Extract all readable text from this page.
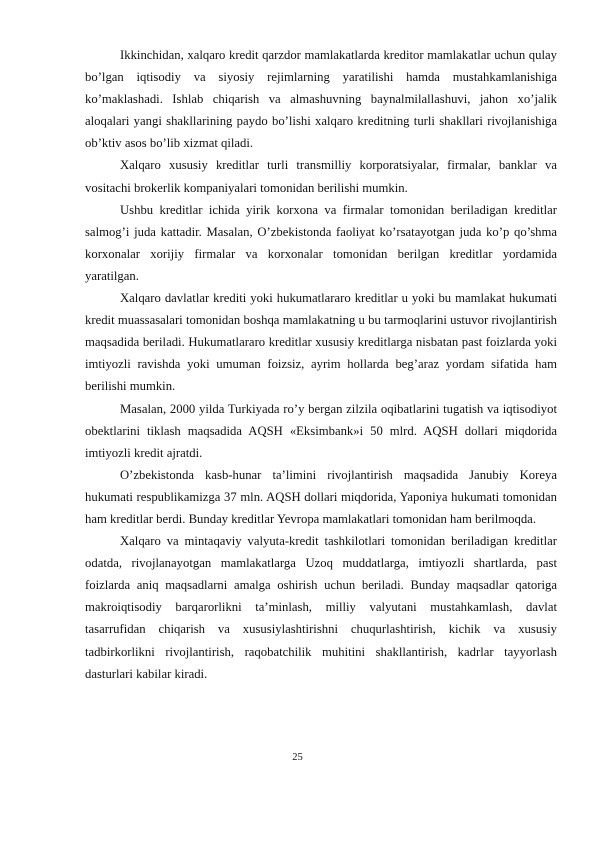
Ikkinchidan, xalqaro kredit qarzdor mamlakatlarda kreditor mamlakatlar uchun qulay bo’lgan iqtisodiy va siyosiy rejimlarning yaratilishi hamda mustahkamlanishiga ko’maklashadi. Ishlab chiqarish va almashuvning baynalmilallashuvi, jahon xo’jalik aloqalari yangi shakllarining paydo bo’lishi xalqaro kreditning turli shakllari rivojlanishiga ob’ktiv asos bo’lib xizmat qiladi.

Xalqaro xususiy kreditlar turli transmilliy korporatsiyalar, firmalar, banklar va vositachi brokerlik kompaniyalari tomonidan berilishi mumkin.

Ushbu kreditlar ichida yirik korxona va firmalar tomonidan beriladigan kreditlar salmog’i juda kattadir. Masalan, O’zbekistonda faoliyat ko’rsatayotgan juda ko’p qo’shma korxonalar xorijiy firmalar va korxonalar tomonidan berilgan kreditlar yordamida yaratilgan.

Xalqaro davlatlar krediti yoki hukumatlararo kreditlar u yoki bu mamlakat hukumati kredit muassasalari tomonidan boshqa mamlakatning u bu tarmoqlarini ustuvor rivojlantirish maqsadida beriladi. Hukumatlararo kreditlar xususiy kreditlarga nisbatan past foizlarda yoki imtiyozli ravishda yoki umuman foizsiz, ayrim hollarda beg’araz yordam sifatida ham berilishi mumkin.

Masalan, 2000 yilda Turkiyada ro’y bergan zilzila oqibatlarini tugatish va iqtisodiyot obektlarini tiklash maqsadida AQSH «Eksimbank»i 50 mlrd. AQSH dollari miqdorida imtiyozli kredit ajratdi.

O’zbekistonda kasb-hunar ta’limini rivojlantirish maqsadida Janubiy Koreya hukumati respublikamizga 37 mln. AQSH dollari miqdorida, Yaponiya hukumati tomonidan ham kreditlar berdi. Bunday kreditlar Yevropa mamlakatlari tomonidan ham berilmoqda.

Xalqaro va mintaqaviy valyuta-kredit tashkilotlari tomonidan beriladigan kreditlar odatda, rivojlanayotgan mamlakatlarga Uzoq muddatlarga, imtiyozli shartlarda, past foizlarda aniq maqsadlarni amalga oshirish uchun beriladi. Bunday maqsadlar qatoriga makroiqtisodiy barqarorlikni ta’minlash, milliy valyutani mustahkamlash, davlat tasarrufidan chiqarish va xususiylashtirishni chuqurlashtirish, kichik va xususiy tadbirkorlikni rivojlantirish, raqobatchilik muhitini shakllantirish, kadrlar tayyorlash dasturlari kabilar kiradi.

25
